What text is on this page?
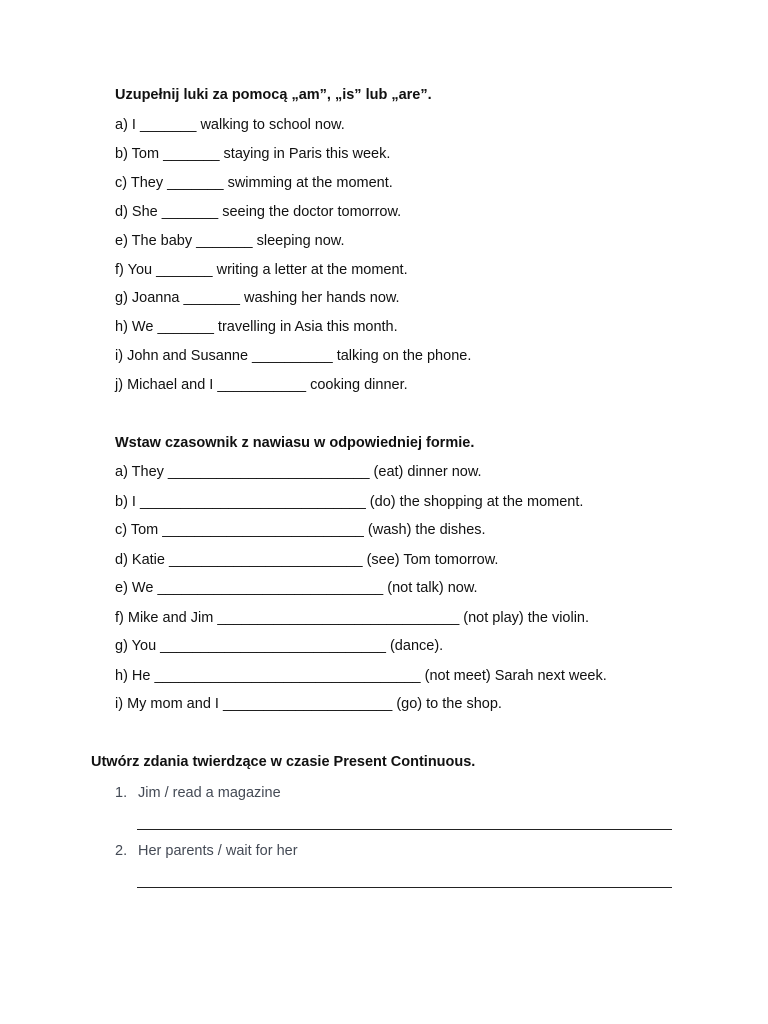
Uzupełnij luki za pomocą „am”, „is” lub „are”.

a) I _______ walking to school now.

b) Tom _______ staying in Paris this week.

c) They _______ swimming at the moment.

d) She _______ seeing the doctor tomorrow.

e) The baby _______ sleeping now.

f) You _______ writing a letter at the moment.

g) Joanna _______ washing her hands now.

h) We _______ travelling in Asia this month.

i) John and Susanne __________ talking on the phone.

j) Michael and I ___________ cooking dinner.

Wstaw czasownik z nawiasu w odpowiedniej formie.

a) They _________________________ (eat) dinner now.

b) I ____________________________ (do) the shopping at the moment.

c) Tom _________________________ (wash) the dishes.

d) Katie ________________________ (see) Tom tomorrow.

e) We ____________________________ (not talk) now.

f) Mike and Jim ______________________________ (not play) the violin.

g) You ____________________________ (dance).

h) He _________________________________ (not meet) Sarah next week.

i) My mom and I _____________________ (go) to the shop.

Utwórz zdania twierdzące w czasie Present Continuous.

1. Jim / read a magazine
2. Her parents / wait for her
